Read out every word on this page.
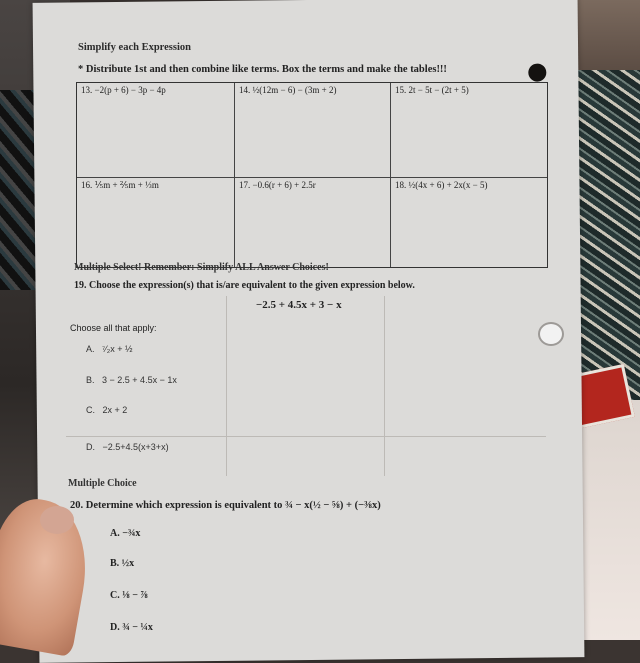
Simplify each Expression
* Distribute 1st and then combine like terms. Box the terms and make the tables!!!
13. −2(p + 6) − 3p − 4p	14. ½(12m − 6) − (3m + 2)	15. 2t − 5t − (2t + 5)
16. ⅕m + ⅖m + ⅓m	17. −0.6(r + 6) + 2.5r	18. ½(4x + 6) + 2x(x − 5)
Multiple Select! Remember: Simplify ALL Answer Choices!
19. Choose the expression(s) that is/are equivalent to the given expression below.
−2.5 + 4.5x + 3 − x
Choose all that apply:
A. ⁷⁄₂x + ½
B. 3 − 2.5 + 4.5x − 1x
C. 2x + 2
D. −2.5+4.5(x+3+x)
Multiple Choice
20. Determine which expression is equivalent to ¾ − x(½ − ⅝) + (−⅜x)
A. −¾x
B. ½x
C. ⅛ − ⅞
D. ¾ − ¼x
